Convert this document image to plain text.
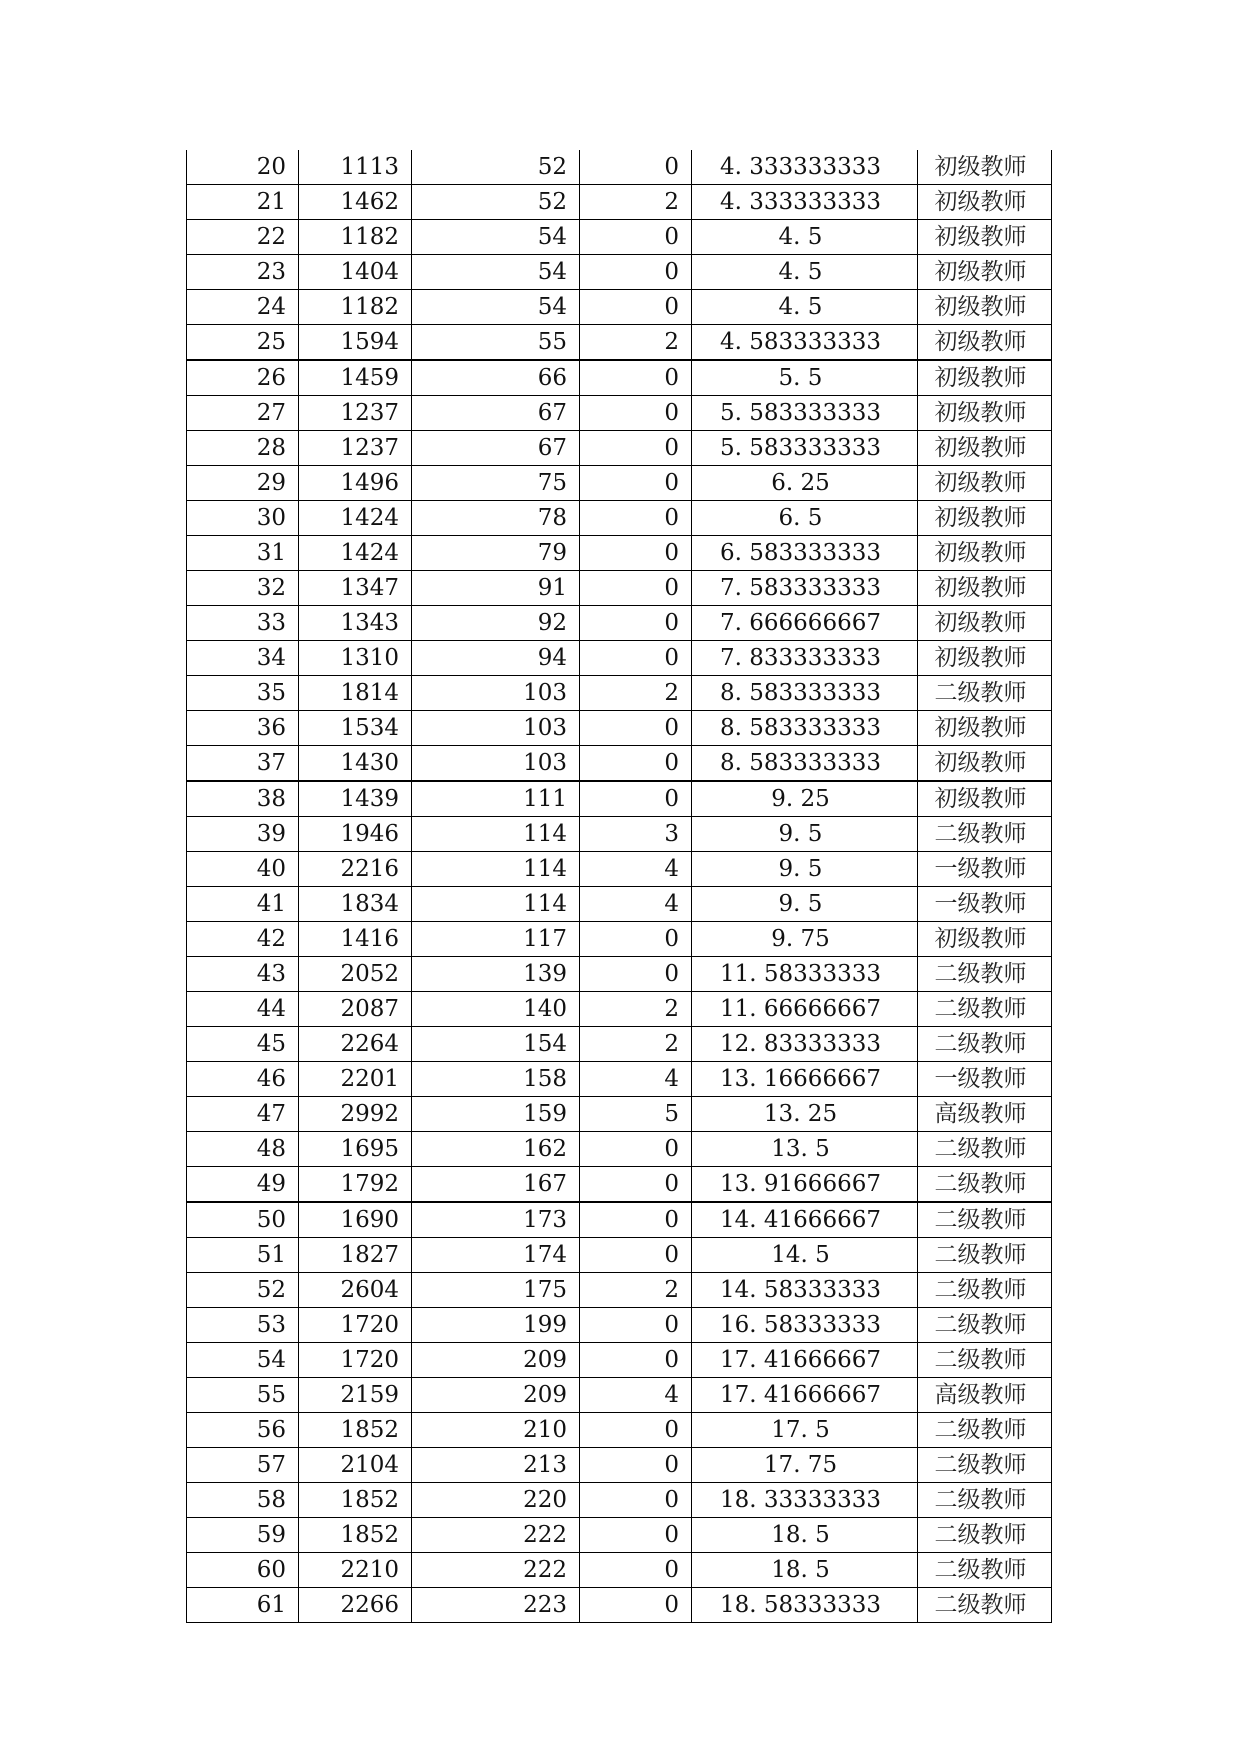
20	1113	52	0	4. 333333333	初级教师
21	1462	52	2	4. 333333333	初级教师
22	1182	54	0	4. 5	初级教师
23	1404	54	0	4. 5	初级教师
24	1182	54	0	4. 5	初级教师
25	1594	55	2	4. 583333333	初级教师
26	1459	66	0	5. 5	初级教师
27	1237	67	0	5. 583333333	初级教师
28	1237	67	0	5. 583333333	初级教师
29	1496	75	0	6. 25	初级教师
30	1424	78	0	6. 5	初级教师
31	1424	79	0	6. 583333333	初级教师
32	1347	91	0	7. 583333333	初级教师
33	1343	92	0	7. 666666667	初级教师
34	1310	94	0	7. 833333333	初级教师
35	1814	103	2	8. 583333333	二级教师
36	1534	103	0	8. 583333333	初级教师
37	1430	103	0	8. 583333333	初级教师
38	1439	111	0	9. 25	初级教师
39	1946	114	3	9. 5	二级教师
40	2216	114	4	9. 5	一级教师
41	1834	114	4	9. 5	一级教师
42	1416	117	0	9. 75	初级教师
43	2052	139	0	11. 58333333	二级教师
44	2087	140	2	11. 66666667	二级教师
45	2264	154	2	12. 83333333	二级教师
46	2201	158	4	13. 16666667	一级教师
47	2992	159	5	13. 25	高级教师
48	1695	162	0	13. 5	二级教师
49	1792	167	0	13. 91666667	二级教师
50	1690	173	0	14. 41666667	二级教师
51	1827	174	0	14. 5	二级教师
52	2604	175	2	14. 58333333	二级教师
53	1720	199	0	16. 58333333	二级教师
54	1720	209	0	17. 41666667	二级教师
55	2159	209	4	17. 41666667	高级教师
56	1852	210	0	17. 5	二级教师
57	2104	213	0	17. 75	二级教师
58	1852	220	0	18. 33333333	二级教师
59	1852	222	0	18. 5	二级教师
60	2210	222	0	18. 5	二级教师
61	2266	223	0	18. 58333333	二级教师
